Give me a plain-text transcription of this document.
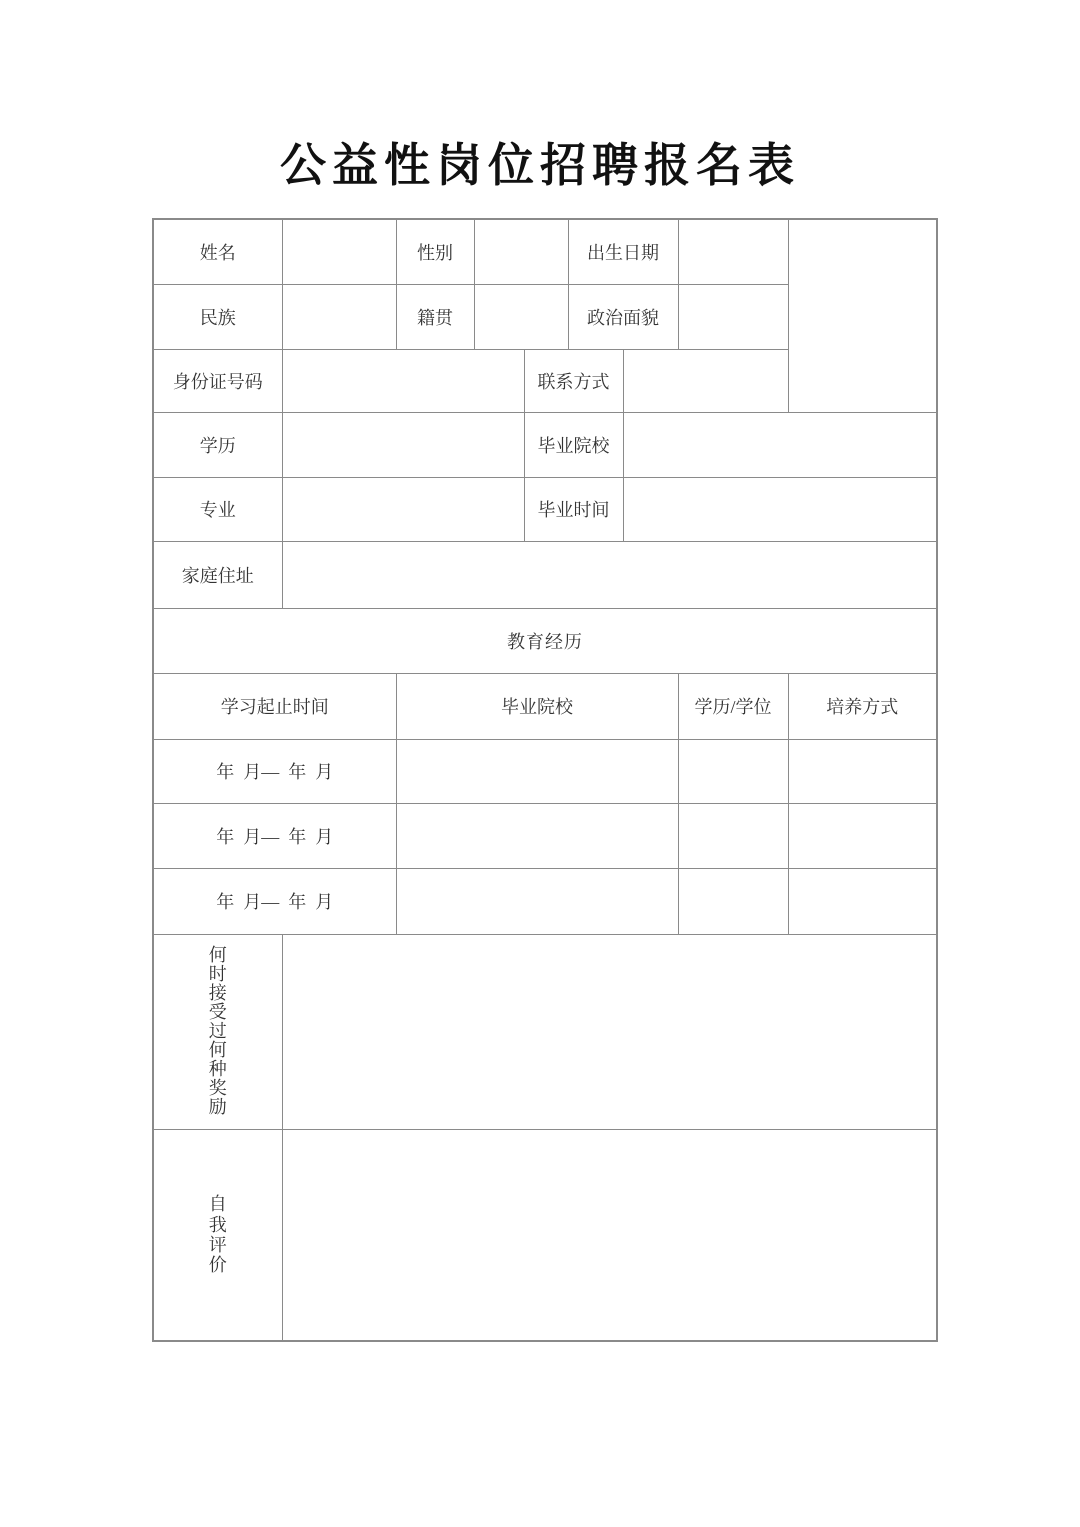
公益性岗位招聘报名表
姓名		性别			出生日期			
民族		籍贯			政治面貌			
身份证号码				联系方式				
学历				毕业院校				
专业				毕业时间				
家庭住址								
教育经历								
学习起止时间		毕业院校					学历/学位	培养方式
年  月—  年  月								
年  月—  年  月								
年  月—  年  月								

何时接受过何种奖励								

自我评价								
